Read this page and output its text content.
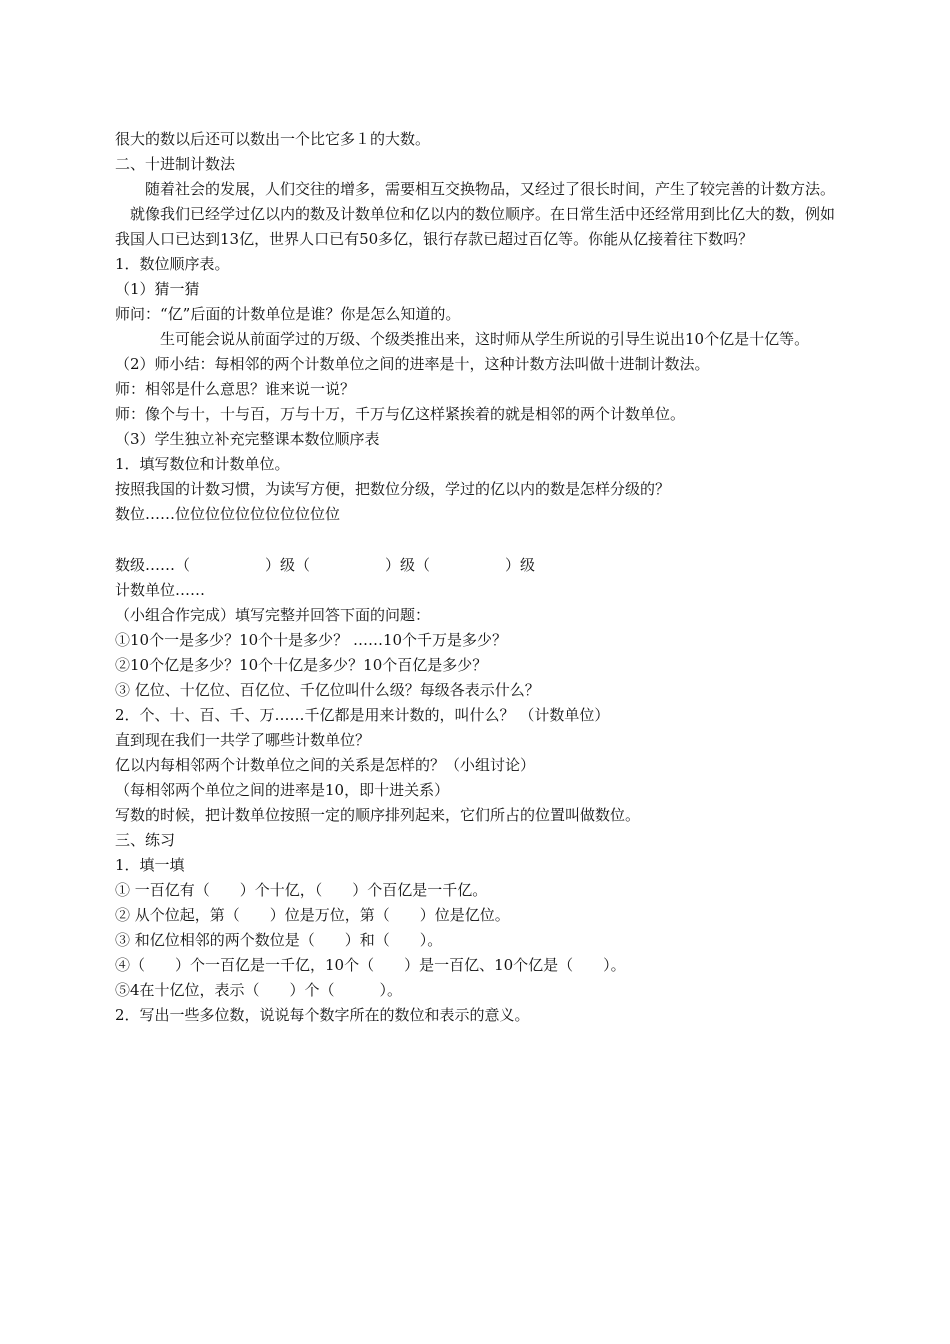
很大的数以后还可以数出一个比它多１的大数。

二、十进制计数法

随着社会的发展，人们交往的增多，需要相互交换物品，又经过了很长时间，产生了较完善的计数方法。

就像我们已经学过亿以内的数及计数单位和亿以内的数位顺序。在日常生活中还经常用到比亿大的数，例如我国人口已达到13亿，世界人口已有50多亿，银行存款已超过百亿等。你能从亿接着往下数吗？

1．数位顺序表。

（1）猜一猜

师问：“亿”后面的计数单位是谁？你是怎么知道的。

生可能会说从前面学过的万级、个级类推出来，这时师从学生所说的引导生说出10个亿是十亿等。

（2）师小结：每相邻的两个计数单位之间的进率是十，这种计数方法叫做十进制计数法。

师：相邻是什么意思？谁来说一说？

师：像个与十，十与百，万与十万，千万与亿这样紧挨着的就是相邻的两个计数单位。

（3）学生独立补充完整课本数位顺序表

1．填写数位和计数单位。

按照我国的计数习惯，为读写方便，把数位分级，学过的亿以内的数是怎样分级的？

数位……位位位位位位位位位位位

数级……（　　　　　）级（　　　　　）级（　　　　　）级

计数单位……

（小组合作完成）填写完整并回答下面的问题：

①10个一是多少？10个十是多少？ ……10个千万是多少？

②10个亿是多少？10个十亿是多少？10个百亿是多少？

③ 亿位、十亿位、百亿位、千亿位叫什么级？每级各表示什么？

2．个、十、百、千、万……千亿都是用来计数的，叫什么？ （计数单位）

直到现在我们一共学了哪些计数单位？

亿以内每相邻两个计数单位之间的关系是怎样的？（小组讨论）

（每相邻两个单位之间的进率是10，即十进关系）

写数的时候，把计数单位按照一定的顺序排列起来，它们所占的位置叫做数位。

三、练习

1．填一填

① 一百亿有（　　）个十亿，（　　）个百亿是一千亿。

② 从个位起，第（　　）位是万位，第（　　）位是亿位。

③ 和亿位相邻的两个数位是（　　）和（　　）。

④（　　）个一百亿是一千亿，10个（　　）是一百亿、10个亿是（　　）。

⑤4在十亿位，表示（　　）个（　　　）。

2．写出一些多位数，说说每个数字所在的数位和表示的意义。
